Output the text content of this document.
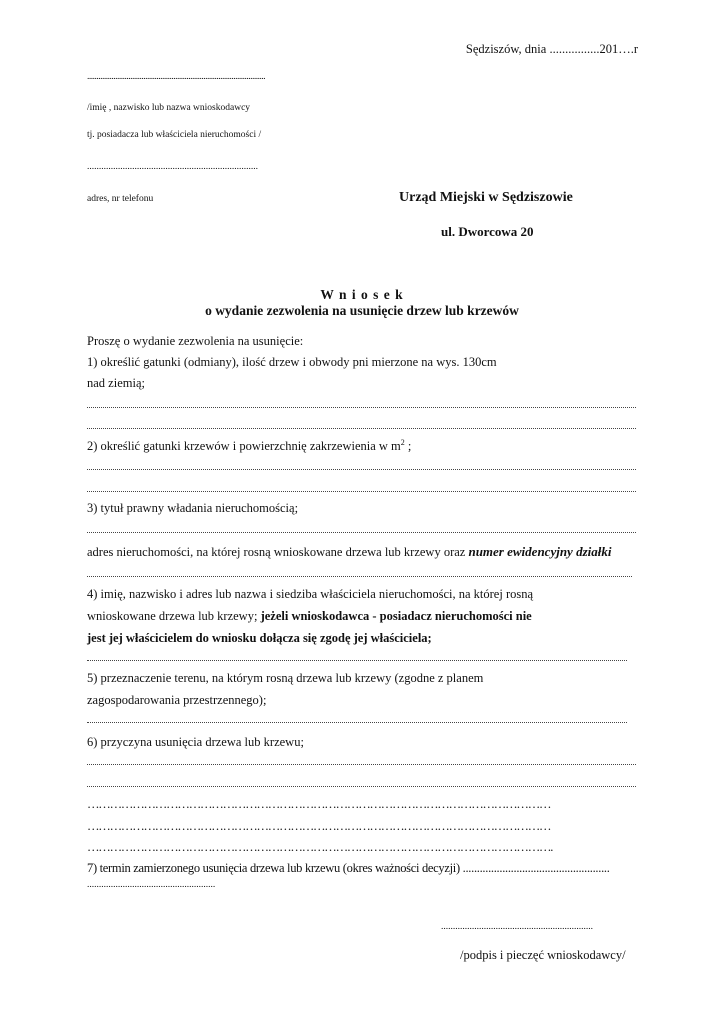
Sędziszów, dnia ................201….r
...............................................................................................
/imię , nazwisko lub nazwa wnioskodawcy
tj. posiadacza lub właściciela nieruchomości /
........................................................................
adres, nr telefonu	Urząd Miejski w Sędziszowie
ul. Dworcowa 20
W n i o s e k
o wydanie zezwolenia na usunięcie drzew lub krzewów
Proszę o wydanie zezwolenia na usunięcie:
1) określić gatunki (odmiany), ilość drzew i obwody pni mierzone na wys. 130cm
nad ziemią;
2) określić gatunki krzewów i powierzchnię zakrzewienia w $m^2$ ;
3) tytuł prawny władania nieruchomością;
adres nieruchomości, na której rosną wnioskowane drzewa lub krzewy oraz numer ewidencyjny działki
4) imię, nazwisko i adres lub nazwa i siedziba właściciela nieruchomości, na której rosną
wnioskowane drzewa lub krzewy; jeżeli wnioskodawca - posiadacz nieruchomości nie
jest jej właścicielem do wniosku dołącza się zgodę jej właściciela;
5) przeznaczenie terenu, na którym rosną drzewa lub krzewy (zgodne z planem
zagospodarowania przestrzennego);
6) przyczyna usunięcia drzewa lub krzewu;
……………………………………………………………………………………………………………
……………………………………………………………………………………………………………
…………………………………………………………………………………………………………….
7) termin zamierzonego usunięcia drzewa lub krzewu (okres ważności decyzji) ....................................................
......................................................
................................................................
/podpis i pieczęć wnioskodawcy/
